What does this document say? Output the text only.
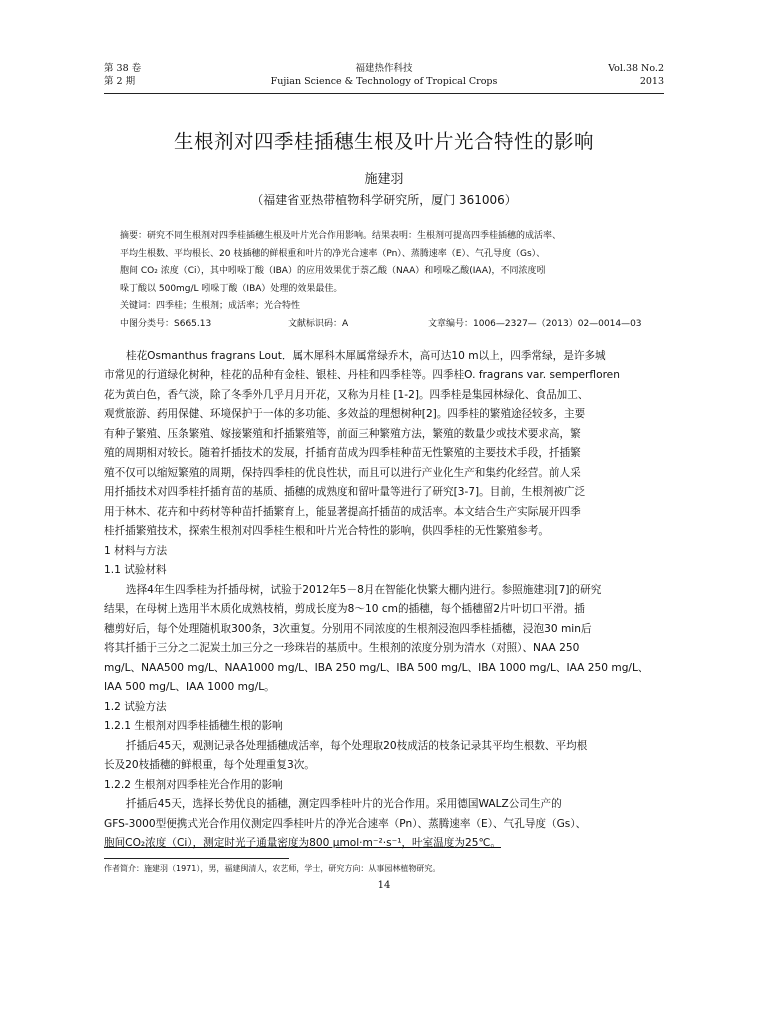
第 38 卷
第 2 期
福建热作科技
Fujian Science & Technology of Tropical Crops
Vol.38 No.2
2013
生根剂对四季桂插穗生根及叶片光合特性的影响
施建羽
（福建省亚热带植物科学研究所，厦门 361006）
摘要：研究不同生根剂对四季桂插穗生根及叶片光合作用影响。结果表明：生根剂可提高四季桂插穗的成活率、
平均生根数、平均根长、20 枝插穗的鲜根重和叶片的净光合速率（Pn）、蒸腾速率（E）、气孔导度（Gs）、
胞间 CO₂ 浓度（Ci），其中吲哚丁酸（IBA）的应用效果优于萘乙酸（NAA）和吲哚乙酸(IAA)，不同浓度吲
哚丁酸以 500mg/L 吲哚丁酸（IBA）处理的效果最佳。
关键词：四季桂；生根剂；成活率；光合特性
中图分类号：S665.13	文献标识码：A	文章编号：1006—2327—（2013）02—0014—03
桂花Osmanthus fragrans Lout．属木犀科木犀属常绿乔木，高可达10 m以上，四季常绿，是许多城
市常见的行道绿化树种，桂花的品种有金桂、银桂、丹桂和四季桂等。四季桂O. fragrans var. semperfloren
花为黄白色，香气淡，除了冬季外几乎月月开花，又称为月桂 [1-2]。四季桂是集园林绿化、食品加工、
观赏旅游、药用保健、环境保护于一体的多功能、多效益的理想树种[2]。四季桂的繁殖途径较多，主要
有种子繁殖、压条繁殖、嫁接繁殖和扦插繁殖等，前面三种繁殖方法，繁殖的数量少或技术要求高，繁
殖的周期相对较长。随着扦插技术的发展，扦插育苗成为四季桂种苗无性繁殖的主要技术手段，扦插繁
殖不仅可以缩短繁殖的周期，保持四季桂的优良性状，而且可以进行产业化生产和集约化经营。前人采
用扦插技术对四季桂扦插育苗的基质、插穗的成熟度和留叶量等进行了研究[3-7]。目前，生根剂被广泛
用于林木、花卉和中药材等种苗扦插繁育上，能显著提高扦插苗的成活率。本文结合生产实际展开四季
桂扦插繁殖技术，探索生根剂对四季桂生根和叶片光合特性的影响，供四季桂的无性繁殖参考。
1 材料与方法
1.1 试验材料
选择4年生四季桂为扦插母树，试验于2012年5－8月在智能化快繁大棚内进行。参照施建羽[7]的研究
结果，在母树上选用半木质化成熟枝梢，剪成长度为8～10 cm的插穗，每个插穗留2片叶切口平滑。插
穗剪好后，每个处理随机取300条，3次重复。分别用不同浓度的生根剂浸泡四季桂插穗，浸泡30 min后
将其扦插于三分之二泥炭土加三分之一珍珠岩的基质中。生根剂的浓度分别为清水（对照）、NAA 250
mg/L、NAA500 mg/L、NAA1000 mg/L、IBA 250 mg/L、IBA 500 mg/L、IBA 1000 mg/L、IAA 250 mg/L、
IAA 500 mg/L、IAA 1000 mg/L。
1.2 试验方法
1.2.1 生根剂对四季桂插穗生根的影响
扦插后45天，观测记录各处理插穗成活率，每个处理取20枝成活的枝条记录其平均生根数、平均根
长及20枝插穗的鲜根重，每个处理重复3次。
1.2.2 生根剂对四季桂光合作用的影响
扦插后45天，选择长势优良的插穗，测定四季桂叶片的光合作用。采用德国WALZ公司生产的
GFS-3000型便携式光合作用仪测定四季桂叶片的净光合速率（Pn）、蒸腾速率（E）、气孔导度（Gs）、
胞间CO₂浓度（Ci），测定时光子通量密度为800 μmol·m⁻²·s⁻¹，叶室温度为25℃。
作者简介：施建羽（1971），男，福建闽清人，农艺师，学士，研究方向：从事园林植物研究。
14
